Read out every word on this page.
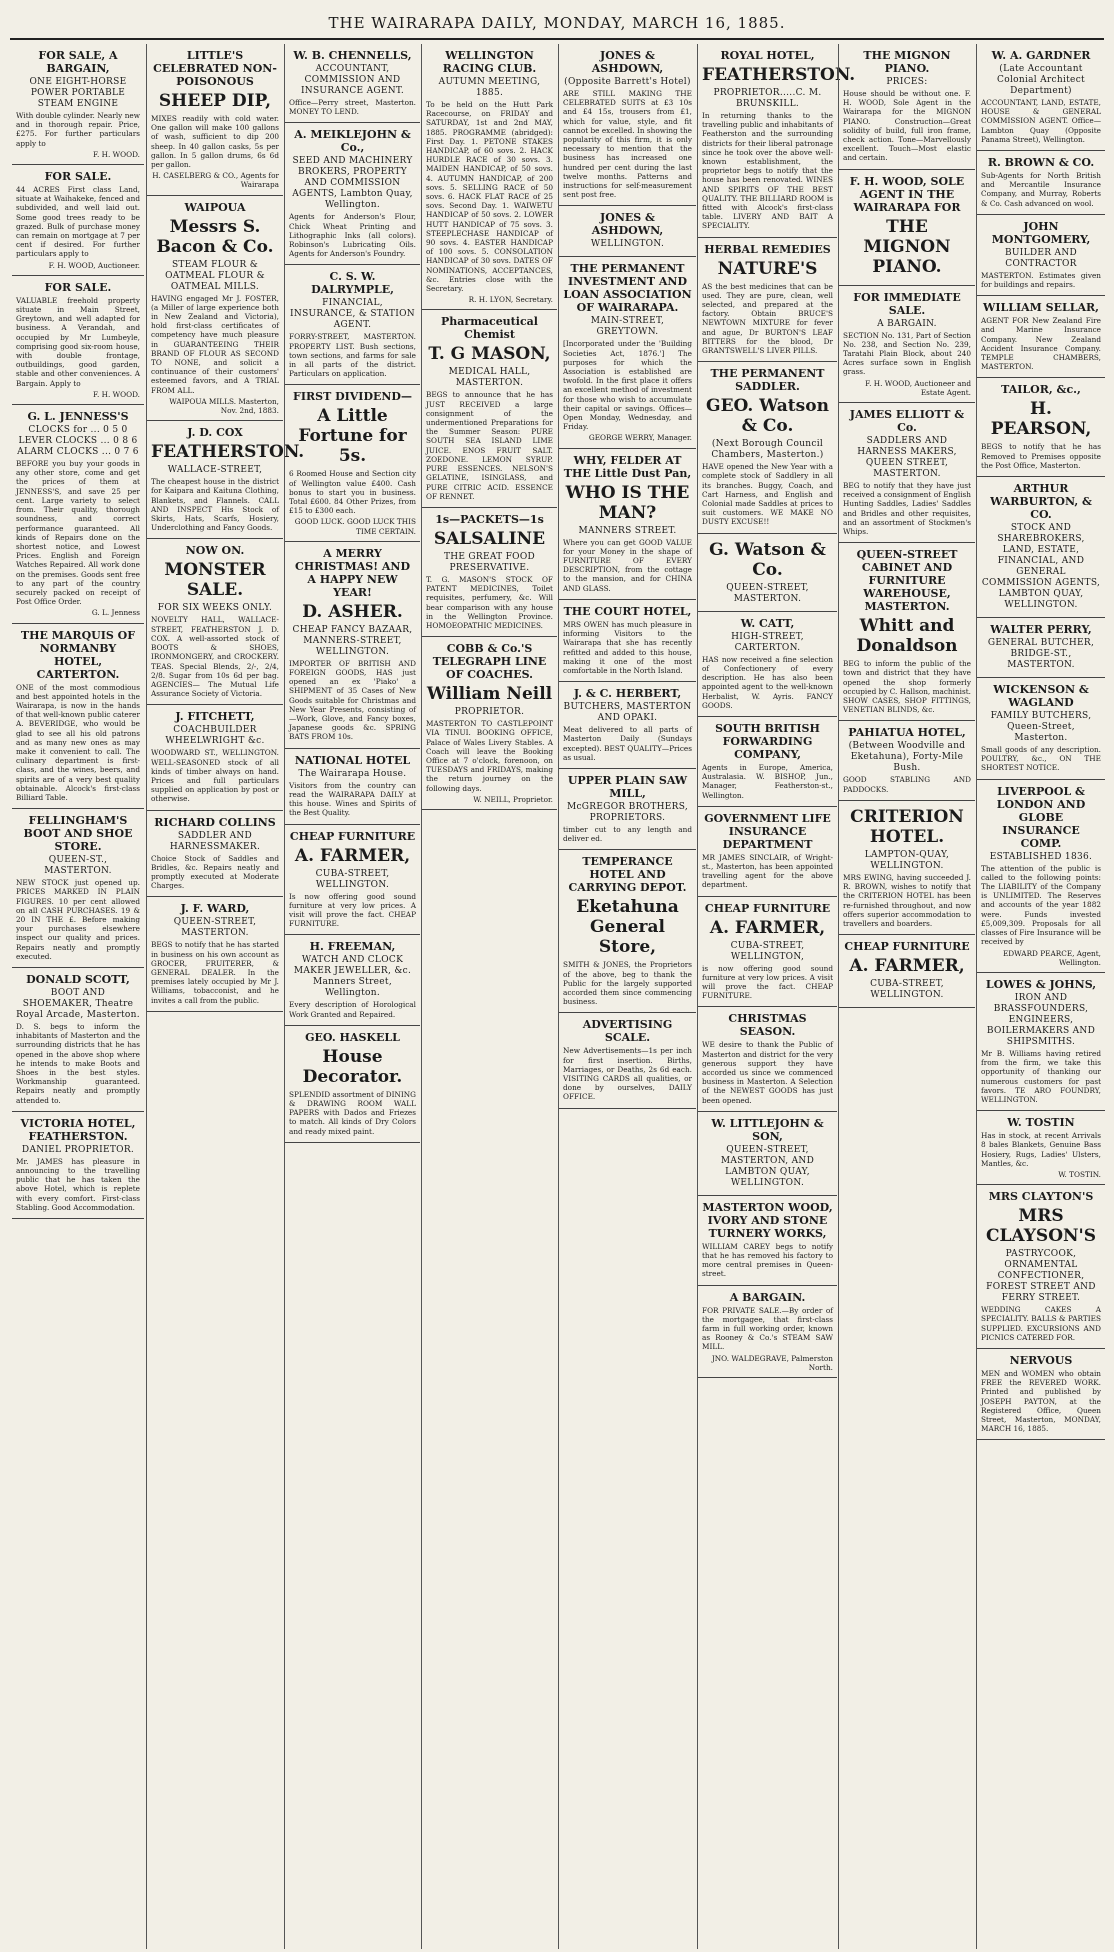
THE WAIRARAPA DAILY, MONDAY, MARCH 16, 1885.
FOR SALE, A BARGAIN,
ONE EIGHT-HORSE POWER PORTABLE STEAM ENGINE
With double cylinder. Nearly new and in thorough repair. Price, £275. For further particulars apply to
F. H. WOOD.
FOR SALE.
44 ACRES First class Land, situate at Waihakeke, fenced and subdivided, and well laid out. Some good trees ready to be grazed. Bulk of purchase money can remain on mortgage at 7 per cent if desired. For further particulars apply to
F. H. WOOD, Auctioneer.
FOR SALE.
VALUABLE freehold property situate in Main Street, Greytown, and well adapted for business. A Verandah, and occupied by Mr Lumbeyle, comprising good six-room house, with double frontage, outbuildings, good garden, stable and other conveniences. A Bargain. Apply to
F. H. WOOD.
G. L. JENNESS'S
CLOCKS for ... 0 5 0 LEVER CLOCKS ... 0 8 6 ALARM CLOCKS ... 0 7 6
BEFORE you buy your goods in any other store, come and get the prices of them at JENNESS'S, and save 25 per cent. Large variety to select from. Their quality, thorough soundness, and correct performance guaranteed. All kinds of Repairs done on the shortest notice, and Lowest Prices. English and Foreign Watches Repaired. All work done on the premises. Goods sent free to any part of the country securely packed on receipt of Post Office Order.
G. L. Jenness
THE MARQUIS OF NORMANBY HOTEL, CARTERTON.
ONE of the most commodious and best appointed hotels in the Wairarapa, is now in the hands of that well-known public caterer A. BEVERIDGE, who would be glad to see all his old patrons and as many new ones as may make it convenient to call. The culinary department is first-class, and the wines, beers, and spirits are of a very best quality obtainable. Alcock's first-class Billiard Table.
FELLINGHAM'S BOOT AND SHOE STORE.
QUEEN-ST., MASTERTON.
NEW STOCK just opened up. PRICES MARKED IN PLAIN FIGURES. 10 per cent allowed on all CASH PURCHASES. 19 & 20 IN THE £. Before making your purchases elsewhere inspect our quality and prices. Repairs neatly and promptly executed.
DONALD SCOTT,
BOOT AND SHOEMAKER, Theatre Royal Arcade, Masterton.
D. S. begs to inform the inhabitants of Masterton and the surrounding districts that he has opened in the above shop where he intends to make Boots and Shoes in the best styles. Workmanship guaranteed. Repairs neatly and promptly attended to.
VICTORIA HOTEL, FEATHERSTON.
DANIEL PROPRIETOR.
Mr. JAMES has pleasure in announcing to the travelling public that he has taken the above Hotel, which is replete with every comfort. First-class Stabling. Good Accommodation.
LITTLE'S CELEBRATED NON-POISONOUS
SHEEP DIP,
MIXES readily with cold water. One gallon will make 100 gallons of wash, sufficient to dip 200 sheep. In 40 gallon casks, 5s per gallon. In 5 gallon drums, 6s 6d per gallon.
H. CASELBERG & CO., Agents for Wairarapa
WAIPOUA
Messrs S. Bacon & Co.
STEAM FLOUR & OATMEAL FLOUR & OATMEAL MILLS.
HAVING engaged Mr J. FOSTER, (a Miller of large experience both in New Zealand and Victoria), hold first-class certificates of competency have much pleasure in GUARANTEEING THEIR BRAND OF FLOUR AS SECOND TO NONE, and solicit a continuance of their customers' esteemed favors, and A TRIAL FROM ALL.
WAIPOUA MILLS. Masterton, Nov. 2nd, 1883.
J. D. COX
FEATHERSTON.
WALLACE-STREET,
The cheapest house in the district for Kaipara and Kaituna Clothing, Blankets, and Flannels. CALL AND INSPECT His Stock of Skirts, Hats, Scarfs, Hosiery, Underclothing and Fancy Goods.
NOW ON.
MONSTER SALE.
FOR SIX WEEKS ONLY.
NOVELTY HALL, WALLACE-STREET, FEATHERSTON J. D. COX. A well-assorted stock of BOOTS & SHOES, IRONMONGERY, and CROCKERY. TEAS. Special Blends, 2/-, 2/4, 2/8. Sugar from 10s 6d per bag. AGENCIES— The Mutual Life Assurance Society of Victoria.
J. FITCHETT,
COACHBUILDER WHEELWRIGHT &c.
WOODWARD ST., WELLINGTON. WELL-SEASONED stock of all kinds of timber always on hand. Prices and full particulars supplied on application by post or otherwise.
RICHARD COLLINS
SADDLER AND HARNESSMAKER.
Choice Stock of Saddles and Bridles, &c. Repairs neatly and promptly executed at Moderate Charges.
J. F. WARD,
QUEEN-STREET, MASTERTON.
BEGS to notify that he has started in business on his own account as GROCER, FRUITERER, & GENERAL DEALER. In the premises lately occupied by Mr J. Williams, tobacconist, and he invites a call from the public.
W. B. CHENNELLS,
ACCOUNTANT, COMMISSION AND INSURANCE AGENT.
Office—Perry street, Masterton. MONEY TO LEND.
A. MEIKLEJOHN & Co.,
SEED AND MACHINERY BROKERS, PROPERTY AND COMMISSION AGENTS, Lambton Quay, Wellington.
Agents for Anderson's Flour, Chick Wheat Printing and Lithographic Inks (all colors). Robinson's Lubricating Oils. Agents for Anderson's Foundry.
C. S. W. DALRYMPLE,
FINANCIAL, INSURANCE, & STATION AGENT.
FORRY-STREET, MASTERTON. PROPERTY LIST. Bush sections, town sections, and farms for sale in all parts of the district. Particulars on application.
FIRST DIVIDEND—
A Little Fortune for 5s.
6 Roomed House and Section city of Wellington value £400. Cash bonus to start you in business. Total £600. 84 Other Prizes, from £15 to £300 each.
GOOD LUCK. GOOD LUCK THIS TIME CERTAIN.
A MERRY CHRISTMAS! AND A HAPPY NEW YEAR!
D. ASHER.
CHEAP FANCY BAZAAR, MANNERS-STREET, WELLINGTON.
IMPORTER OF BRITISH AND FOREIGN GOODS, HAS just opened an ex 'Piako' a SHIPMENT of 35 Cases of New Goods suitable for Christmas and New Year Presents, consisting of—Work, Glove, and Fancy boxes, Japanese goods &c. SPRING BATS FROM 10s.
NATIONAL HOTEL
The Wairarapa House.
Visitors from the country can read the WAIRARAPA DAILY at this house. Wines and Spirits of the Best Quality.
CHEAP FURNITURE
A. FARMER,
CUBA-STREET, WELLINGTON.
Is now offering good sound furniture at very low prices. A visit will prove the fact. CHEAP FURNITURE.
H. FREEMAN,
WATCH AND CLOCK MAKER JEWELLER, &c. Manners Street, Wellington.
Every description of Horological Work Granted and Repaired.
GEO. HASKELL
House Decorator.
SPLENDID assortment of DINING & DRAWING ROOM WALL PAPERS with Dados and Friezes to match. All kinds of Dry Colors and ready mixed paint.
WELLINGTON RACING CLUB.
AUTUMN MEETING, 1885.
To be held on the Hutt Park Racecourse, on FRIDAY and SATURDAY, 1st and 2nd MAY, 1885. PROGRAMME (abridged): First Day. 1. PETONE STAKES HANDICAP, of 60 sovs. 2. HACK HURDLE RACE of 30 sovs. 3. MAIDEN HANDICAP, of 50 sovs. 4. AUTUMN HANDICAP, of 200 sovs. 5. SELLING RACE of 50 sovs. 6. HACK FLAT RACE of 25 sovs. Second Day. 1. WAIWETU HANDICAP of 50 sovs. 2. LOWER HUTT HANDICAP of 75 sovs. 3. STEEPLECHASE HANDICAP of 90 sovs. 4. EASTER HANDICAP of 100 sovs. 5. CONSOLATION HANDICAP of 30 sovs. DATES OF NOMINATIONS, ACCEPTANCES, &c. Entries close with the Secretary.
R. H. LYON, Secretary.
Pharmaceutical Chemist
T. G MASON,
MEDICAL HALL, MASTERTON.
BEGS to announce that he has JUST RECEIVED a large consignment of the undermentioned Preparations for the Summer Season: PURE SOUTH SEA ISLAND LIME JUICE. ENOS FRUIT SALT. ZOEDONE. LEMON SYRUP. PURE ESSENCES. NELSON'S GELATINE, ISINGLASS, and PURE CITRIC ACID. ESSENCE OF RENNET.
1s—PACKETS—1s
SALSALINE
THE GREAT FOOD PRESERVATIVE.
T. G. MASON'S STOCK OF PATENT MEDICINES, Toilet requisites, perfumery, &c. Will bear comparison with any house in the Wellington Province. HOMOEOPATHIC MEDICINES.
COBB & Co.'S TELEGRAPH LINE OF COACHES.
William Neill
PROPRIETOR.
MASTERTON TO CASTLEPOINT VIA TINUI. BOOKING OFFICE, Palace of Wales Livery Stables. A Coach will leave the Booking Office at 7 o'clock, forenoon, on TUESDAYS and FRIDAYS, making the return journey on the following days.
W. NEILL, Proprietor.
JONES & ASHDOWN,
(Opposite Barrett's Hotel)
ARE STILL MAKING THE CELEBRATED SUITS at £3 10s and £4 15s, trousers from £1, which for value, style, and fit cannot be excelled. In showing the popularity of this firm, it is only necessary to mention that the business has increased one hundred per cent during the last twelve months. Patterns and instructions for self-measurement sent post free.
JONES & ASHDOWN,
WELLINGTON.
THE PERMANENT INVESTMENT AND LOAN ASSOCIATION OF WAIRARAPA.
MAIN-STREET, GREYTOWN.
[Incorporated under the 'Building Societies Act, 1876.'] The purposes for which the Association is established are twofold. In the first place it offers an excellent method of investment for those who wish to accumulate their capital or savings. Offices—Open Monday, Wednesday, and Friday.
GEORGE WERRY, Manager.
WHY, FELDER AT THE Little Dust Pan,
WHO IS THE MAN?
MANNERS STREET.
Where you can get GOOD VALUE for your Money in the shape of FURNITURE OF EVERY DESCRIPTION, from the cottage to the mansion, and for CHINA AND GLASS.
THE COURT HOTEL,
MRS OWEN has much pleasure in informing Visitors to the Wairarapa that she has recently refitted and added to this house, making it one of the most comfortable in the North Island.
J. & C. HERBERT,
BUTCHERS, MASTERTON AND OPAKI.
Meat delivered to all parts of Masterton Daily (Sundays excepted). BEST QUALITY—Prices as usual.
UPPER PLAIN SAW MILL,
McGREGOR BROTHERS, PROPRIETORS.
timber cut to any length and deliver ed.
TEMPERANCE HOTEL AND CARRYING DEPOT.
Eketahuna General Store,
SMITH & JONES, the Proprietors of the above, beg to thank the Public for the largely supported accorded them since commencing business.
ADVERTISING SCALE.
New Advertisements—1s per inch for first insertion. Births, Marriages, or Deaths, 2s 6d each. VISITING CARDS all qualities, or done by ourselves, DAILY OFFICE.
ROYAL HOTEL,
FEATHERSTON.
PROPRIETOR.....C. M. BRUNSKILL.
In returning thanks to the travelling public and inhabitants of Featherston and the surrounding districts for their liberal patronage since he took over the above well-known establishment, the proprietor begs to notify that the house has been renovated. WINES AND SPIRITS OF THE BEST QUALITY. THE BILLIARD ROOM is fitted with Alcock's first-class table. LIVERY AND BAIT A SPECIALITY.
HERBAL REMEDIES
NATURE'S
AS the best medicines that can be used. They are pure, clean, well selected, and prepared at the factory. Obtain BRUCE'S NEWTOWN MIXTURE for fever and ague, Dr BURTON'S LEAF BITTERS for the blood, Dr GRANTSWELL'S LIVER PILLS.
THE PERMANENT SADDLER.
GEO. Watson & Co.
(Next Borough Council Chambers, Masterton.)
HAVE opened the New Year with a complete stock of Saddlery in all its branches. Buggy, Coach, and Cart Harness, and English and Colonial made Saddles at prices to suit customers. WE MAKE NO DUSTY EXCUSE!!
G. Watson & Co.
QUEEN-STREET, MASTERTON.
W. CATT,
HIGH-STREET, CARTERTON.
HAS now received a fine selection of Confectionery of every description. He has also been appointed agent to the well-known Herbalist, W. Ayris. FANCY GOODS.
SOUTH BRITISH FORWARDING COMPANY,
Agents in Europe, America, Australasia. W. BISHOP, Jun., Manager, Featherston-st., Wellington.
GOVERNMENT LIFE INSURANCE DEPARTMENT
MR JAMES SINCLAIR, of Wright-st., Masterton, has been appointed travelling agent for the above department.
CHEAP FURNITURE
A. FARMER,
CUBA-STREET, WELLINGTON,
is now offering good sound furniture at very low prices. A visit will prove the fact. CHEAP FURNITURE.
CHRISTMAS SEASON.
WE desire to thank the Public of Masterton and district for the very generous support they have accorded us since we commenced business in Masterton. A Selection of the NEWEST GOODS has just been opened.
W. LITTLEJOHN & SON,
QUEEN-STREET, MASTERTON, AND LAMBTON QUAY, WELLINGTON.
MASTERTON WOOD, IVORY AND STONE TURNERY WORKS,
WILLIAM CAREY begs to notify that he has removed his factory to more central premises in Queen-street.
A BARGAIN.
FOR PRIVATE SALE.—By order of the mortgagee, that first-class farm in full working order, known as Rooney & Co.'s STEAM SAW MILL.
JNO. WALDEGRAVE, Palmerston North.
THE MIGNON PIANO.
PRICES:
House should be without one. F. H. WOOD, Sole Agent in the Wairarapa for the MIGNON PIANO. Construction—Great solidity of build, full iron frame, check action. Tone—Marvellously excellent. Touch—Most elastic and certain.
F. H. WOOD, SOLE AGENT IN THE WAIRARAPA FOR
THE MIGNON PIANO.
FOR IMMEDIATE SALE.
A BARGAIN.
SECTION No. 131, Part of Section No. 238, and Section No. 239, Taratahi Plain Block, about 240 Acres surface sown in English grass.
F. H. WOOD, Auctioneer and Estate Agent.
JAMES ELLIOTT & Co.
SADDLERS AND HARNESS MAKERS, QUEEN STREET, MASTERTON.
BEG to notify that they have just received a consignment of English Hunting Saddles, Ladies' Saddles and Bridles and other requisites, and an assortment of Stockmen's Whips.
QUEEN-STREET CABINET AND FURNITURE WAREHOUSE, MASTERTON.
Whitt and Donaldson
BEG to inform the public of the town and district that they have opened the shop formerly occupied by C. Hallson, machinist. SHOW CASES, SHOP FITTINGS, VENETIAN BLINDS, &c.
PAHIATUA HOTEL,
(Between Woodville and Eketahuna), Forty-Mile Bush.
GOOD STABLING AND PADDOCKS.
CRITERION HOTEL.
LAMPTON-QUAY, WELLINGTON.
MRS EWING, having succeeded J. R. BROWN, wishes to notify that the CRITERION HOTEL has been re-furnished throughout, and now offers superior accommodation to travellers and boarders.
CHEAP FURNITURE
A. FARMER,
CUBA-STREET, WELLINGTON.
W. A. GARDNER
(Late Accountant Colonial Architect Department)
ACCOUNTANT, LAND, ESTATE, HOUSE & GENERAL COMMISSION AGENT. Office—Lambton Quay (Opposite Panama Street), Wellington.
R. BROWN & CO.
Sub-Agents for North British and Mercantile Insurance Company, and Murray, Roberts & Co. Cash advanced on wool.
JOHN MONTGOMERY,
BUILDER AND CONTRACTOR
MASTERTON. Estimates given for buildings and repairs.
WILLIAM SELLAR,
AGENT FOR New Zealand Fire and Marine Insurance Company. New Zealand Accident Insurance Company. TEMPLE CHAMBERS, MASTERTON.
TAILOR, &c.,
H. PEARSON,
BEGS to notify that he has Removed to Premises opposite the Post Office, Masterton.
ARTHUR WARBURTON, & CO.
STOCK AND SHAREBROKERS, LAND, ESTATE, FINANCIAL, AND GENERAL COMMISSION AGENTS, LAMBTON QUAY, WELLINGTON.
WALTER PERRY,
GENERAL BUTCHER, BRIDGE-ST., MASTERTON.
WICKENSON & WAGLAND
FAMILY BUTCHERS, Queen-Street, Masterton.
Small goods of any description. POULTRY, &c., ON THE SHORTEST NOTICE.
LIVERPOOL & LONDON AND GLOBE INSURANCE COMP.
ESTABLISHED 1836.
The attention of the public is called to the following points: The LIABILITY of the Company is UNLIMITED. The Reserves and accounts of the year 1882 were. Funds invested £5,009,309. Proposals for all classes of Fire Insurance will be received by
EDWARD PEARCE, Agent, Wellington.
LOWES & JOHNS,
IRON AND BRASSFOUNDERS, ENGINEERS, BOILERMAKERS AND SHIPSMITHS.
Mr B. Williams having retired from the firm, we take this opportunity of thanking our numerous customers for past favors. TE ARO FOUNDRY, WELLINGTON.
W. TOSTIN
Has in stock, at recent Arrivals 8 bales Blankets, Genuine Bass Hosiery, Rugs, Ladies' Ulsters, Mantles, &c.
W. TOSTIN.
MRS CLAYTON'S
MRS CLAYSON'S
PASTRYCOOK, ORNAMENTAL CONFECTIONER, FOREST STREET AND FERRY STREET.
WEDDING CAKES A SPECIALITY. BALLS & PARTIES SUPPLIED. EXCURSIONS AND PICNICS CATERED FOR.
NERVOUS
MEN and WOMEN who obtain FREE the REVERED WORK. Printed and published by JOSEPH PAYTON, at the Registered Office, Queen Street, Masterton, MONDAY, MARCH 16, 1885.
